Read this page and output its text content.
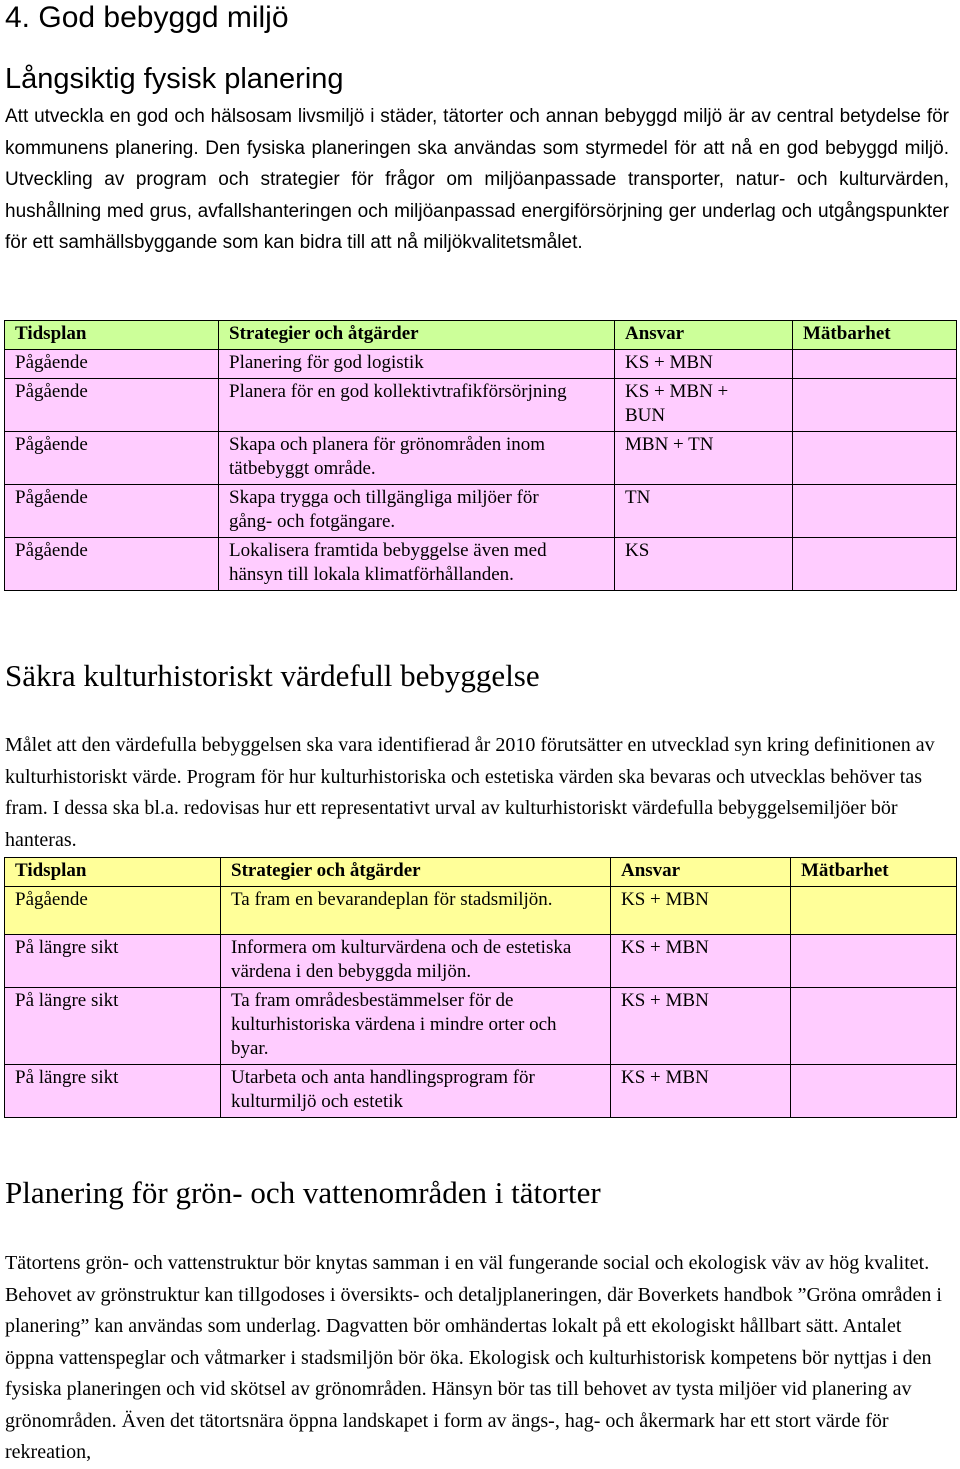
4. God bebyggd miljö
Långsiktig fysisk planering

Att utveckla en god och hälsosam livsmiljö i städer, tätorter och annan bebyggd miljö är av central betydelse för kommunens planering. Den fysiska planeringen ska användas som styrmedel för att nå en god bebyggd miljö. Utveckling av program och strategier för frågor om miljöanpassade transporter, natur- och kulturvärden, hushållning med grus, avfallshanteringen och miljöanpassad energiförsörjning ger underlag och utgångspunkter för ett samhällsbyggande som kan bidra till att nå miljökvalitetsmålet.

Tidsplan	Strategier och åtgärder	Ansvar	Mätbarhet
Pågående	Planering för god logistik	KS + MBN	
Pågående	Planera för en god kollektivtrafikförsörjning	KS + MBN + BUN	
Pågående	Skapa och planera för grönområden inom tätbebyggt område.	MBN + TN	
Pågående	Skapa trygga och tillgängliga miljöer för gång- och fotgängare.	TN	
Pågående	Lokalisera framtida bebyggelse även med hänsyn till lokala klimatförhållanden.	KS	
Säkra kulturhistoriskt värdefull bebyggelse

Målet att den värdefulla bebyggelsen ska vara identifierad år 2010 förutsätter en utvecklad syn kring definitionen av kulturhistoriskt värde. Program för hur kulturhistoriska och estetiska värden ska bevaras och utvecklas behöver tas fram. I dessa ska bl.a. redovisas hur ett representativt urval av kulturhistoriskt värdefulla bebyggelsemiljöer bör hanteras.

Tidsplan	Strategier och åtgärder	Ansvar	Mätbarhet
Pågående	Ta fram en bevarandeplan för stadsmiljön.	KS + MBN	
På längre sikt	Informera om kulturvärdena och de estetiska värdena i den bebyggda miljön.	KS + MBN	
På längre sikt	Ta fram områdesbestämmelser för de kulturhistoriska värdena i mindre orter och byar.	KS + MBN	
På längre sikt	Utarbeta och anta handlingsprogram för kulturmiljö och estetik	KS + MBN	
Planering för grön- och vattenområden i tätorter

Tätortens grön- och vattenstruktur bör knytas samman i en väl fungerande social och ekologisk väv av hög kvalitet. Behovet av grönstruktur kan tillgodoses i översikts- och detaljplaneringen, där Boverkets handbok ”Gröna områden i planering” kan användas som underlag. Dagvatten bör omhändertas lokalt på ett ekologiskt hållbart sätt. Antalet öppna vattenspeglar och våtmarker i stadsmiljön bör öka. Ekologisk och kulturhistorisk kompetens bör nyttjas i den fysiska planeringen och vid skötsel av grönområden. Hänsyn bör tas till behovet av tysta miljöer vid planering av grönområden. Även det tätortsnära öppna landskapet i form av ängs-, hag- och åkermark har ett stort värde för rekreation,
